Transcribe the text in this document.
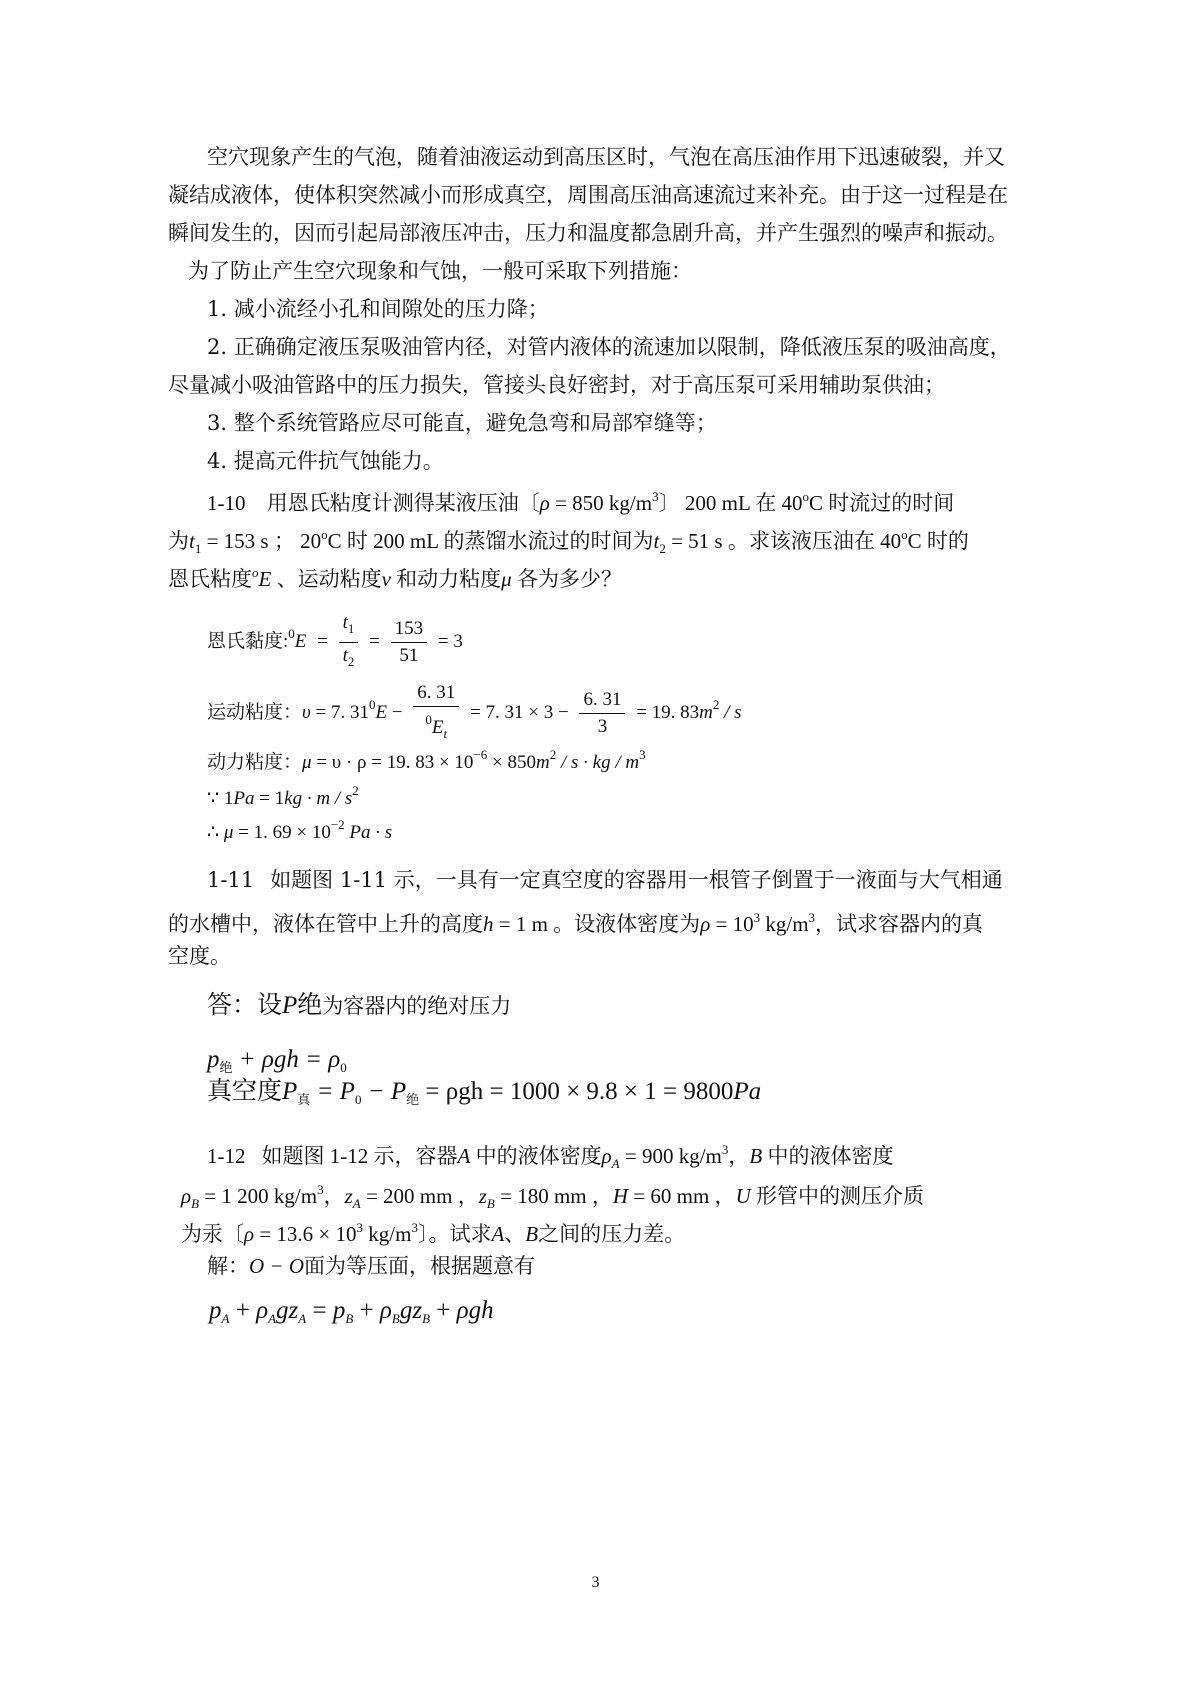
空穴现象产生的气泡，随着油液运动到高压区时，气泡在高压油作用下迅速破裂，并又
凝结成液体，使体积突然减小而形成真空，周围高压油高速流过来补充。由于这一过程是在
瞬间发生的，因而引起局部液压冲击，压力和温度都急剧升高，并产生强烈的噪声和振动。
为了防止产生空穴现象和气蚀，一般可采取下列措施：
1. 减小流经小孔和间隙处的压力降；
2. 正确确定液压泵吸油管内径，对管内液体的流速加以限制，降低液压泵的吸油高度，
尽量减小吸油管路中的压力损失，管接头良好密封，对于高压泵可采用辅助泵供油；
3. 整个系统管路应尽可能直，避免急弯和局部窄缝等；
4. 提高元件抗气蚀能力。
1-10 用恩氏粘度计测得某液压油〔ρ = 850 $kg/m^3$〕 200 mL 在 40$^o$C 时流过的时间
为$t_1 = 153$ s ； 20$^o$C 时 200 mL 的蒸馏水流过的时间为$t_2 = 51$ s 。求该液压油在 40$^o$C 时的
恩氏粘度$^o$E 、运动粘度v 和动力粘度μ 各为多少？
恩氏黏度:$^0$E = $\frac{t_1}{t_2} = \frac{153}{51} = 3$
运动粘度：υ = 7. $31^0E - \frac{6. 31}{^0E_t} = 7$. $31 \times 3 - \frac{6. 31}{3} = 19$. $83m^2$ / s
动力粘度：μ = υ · ρ = 19. $83 \times 10^{-6} \times 850m^2 / s$ · kg / $m^3$
∵ $1Pa = 1kg \cdot m / s^2$
∴ μ = 1. $69 \times 10^{-2}$ Pa · s
1-11 如题图 1-11 示，一具有一定真空度的容器用一根管子倒置于一液面与大气相通
的水槽中，液体在管中上升的高度h = 1 m 。设液体密度为$\rho = 10^3$ $kg/m^3$，试求容器内的真
空度。
答：设P绝为容器内的绝对压力
$p_绝 + \rho gh = \rho_0$
真空度$P_真 = P_0 - P_绝 = \rho gh = 1000 \times 9.8 \times 1 = 9800Pa$
1-12 如题图 1-12 示，容器A 中的液体密度$\rho_A = 900$ $kg/m^3$，B 中的液体密度
$\rho_B = 1$ 200 $kg/m^3$，$z_A = 200$ mm ，$z_B = 180$ mm ，H = 60 mm ，U 形管中的测压介质
为汞〔$\rho = 13.6 \times 10^3$ $kg/m^3$〕。试求A、B之间的压力差。
解：O − O面为等压面，根据题意有
$p_A + \rho_Agz_A = p_B + \rho_Bgz_B + \rho gh$
3
